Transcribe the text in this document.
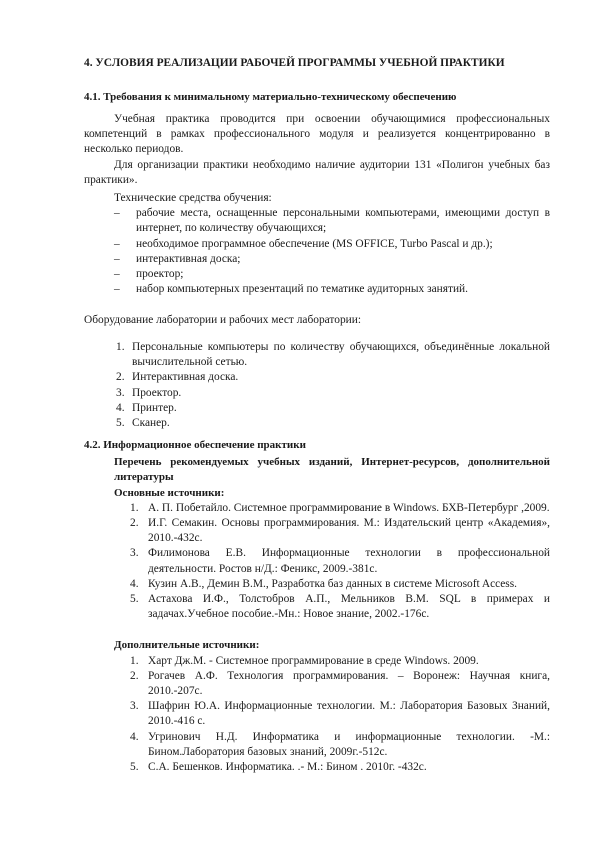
4. УСЛОВИЯ РЕАЛИЗАЦИИ РАБОЧЕЙ ПРОГРАММЫ УЧЕБНОЙ ПРАКТИКИ
4.1. Требования к минимальному материально-техническому обеспечению

Учебная практика проводится при освоении обучающимися профессиональных компетенций в рамках профессионального модуля и реализуется концентрированно в несколько периодов.

Для организации практики необходимо наличие аудитории 131 «Полигон учебных баз практики».

Технические средства обучения:

– рабочие места, оснащенные персональными компьютерами, имеющими доступ в интернет, по количеству обучающихся;
– необходимое программное обеспечение (MS OFFICE, Turbo Pascal и др.);
– интерактивная доска;
– проектор;
– набор компьютерных презентаций по тематике аудиторных занятий.
Оборудование лаборатории и рабочих мест лаборатории:
1. Персональные компьютеры по количеству обучающихся, объединённые локальной вычислительной сетью.
2. Интерактивная доска.
3. Проектор.
4. Принтер.
5. Сканер.

4.2. Информационное обеспечение практики

Перечень рекомендуемых учебных изданий, Интернет-ресурсов, дополнительной литературы

Основные источники:

1. А. П. Побетайло. Системное программирование в Windows. БХВ-Петербург ,2009.
2. И.Г. Семакин. Основы программирования. М.: Издательский центр «Академия», 2010.-432с.
3. Филимонова Е.В. Информационные технологии в профессиональной деятельности. Ростов н/Д.: Феникс, 2009.-381с.
4. Кузин А.В., Демин В.М., Разработка баз данных в системе Microsoft Access.
5. Астахова И.Ф., Толстобров А.П., Мельников В.М. SQL в примерах и задачах.Учебное пособие.-Мн.: Новое знание, 2002.-176с.

Дополнительные источники:

1. Харт Дж.М. - Системное программирование в среде Windows. 2009.
2. Рогачев А.Ф. Технология программирования. – Воронеж: Научная книга, 2010.-207с.
3. Шафрин Ю.А. Информационные технологии. М.: Лаборатория Базовых Знаний, 2010.-416 с.
4. Угринович Н.Д. Информатика и информационные технологии. -М.: Бином.Лаборатория базовых знаний, 2009г.-512с.
5. С.А. Бешенков. Информатика. .- М.: Бином . 2010г. -432с.
